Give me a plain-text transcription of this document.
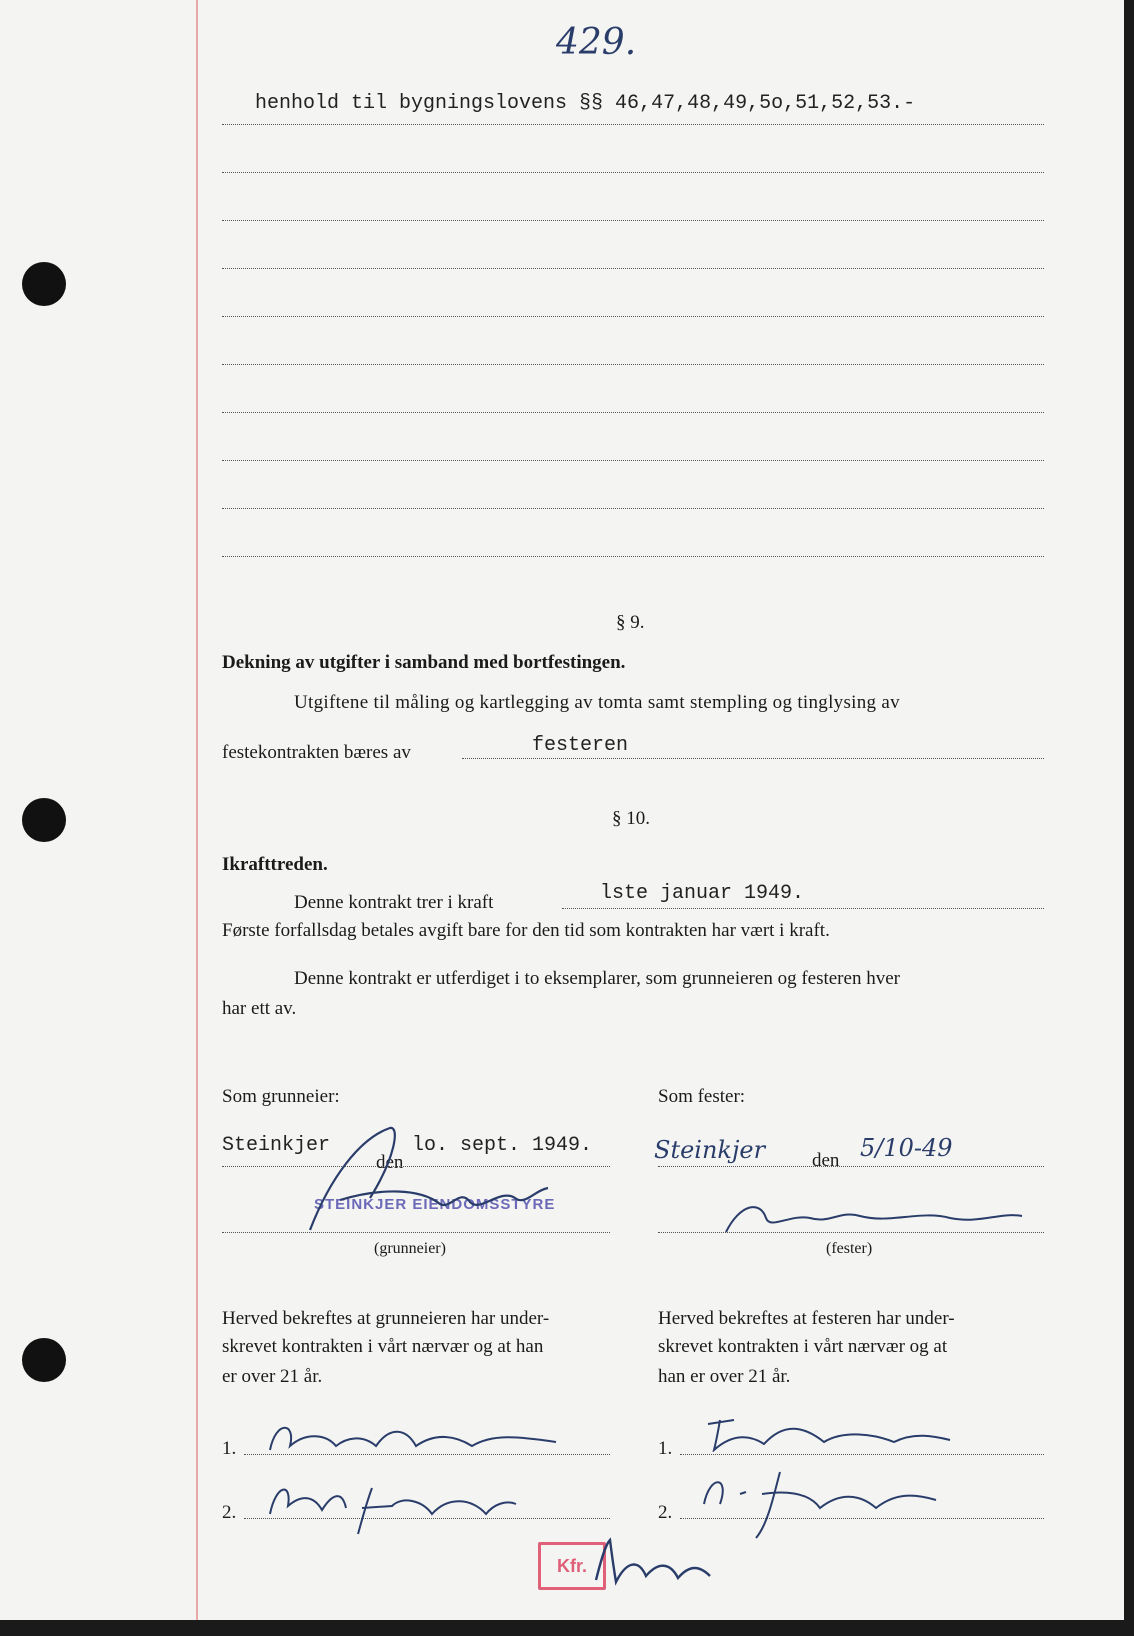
429.
henhold til bygningslovens §§ 46,47,48,49,5o,51,52,53.-
§ 9.
Dekning av utgifter i samband med bortfestingen.
Utgiftene til måling og kartlegging av tomta samt stempling og tinglysing av
festekontrakten bæres av	festeren
§ 10.
Ikrafttreden.
Denne kontrakt trer i kraft	lste januar 1949.
Første forfallsdag betales avgift bare for den tid som kontrakten har vært i kraft.
Denne kontrakt er utferdiget i to eksemplarer, som grunneieren og festeren hver
har ett av.
Som grunneier:	Som fester:
Steinkjer
den
lo. sept. 1949.	Steinkjer den 5/10-49
STEINKJER EIENDOMSSTYRE
(grunneier)	(fester)
Herved bekreftes at grunneieren har under-
skrevet kontrakten i vårt nærvær og at han
er over 21 år.
Herved bekreftes at festeren har under-
skrevet kontrakten i vårt nærvær og at
han er over 21 år.
1.
2.
1.
2.
Kfr.
